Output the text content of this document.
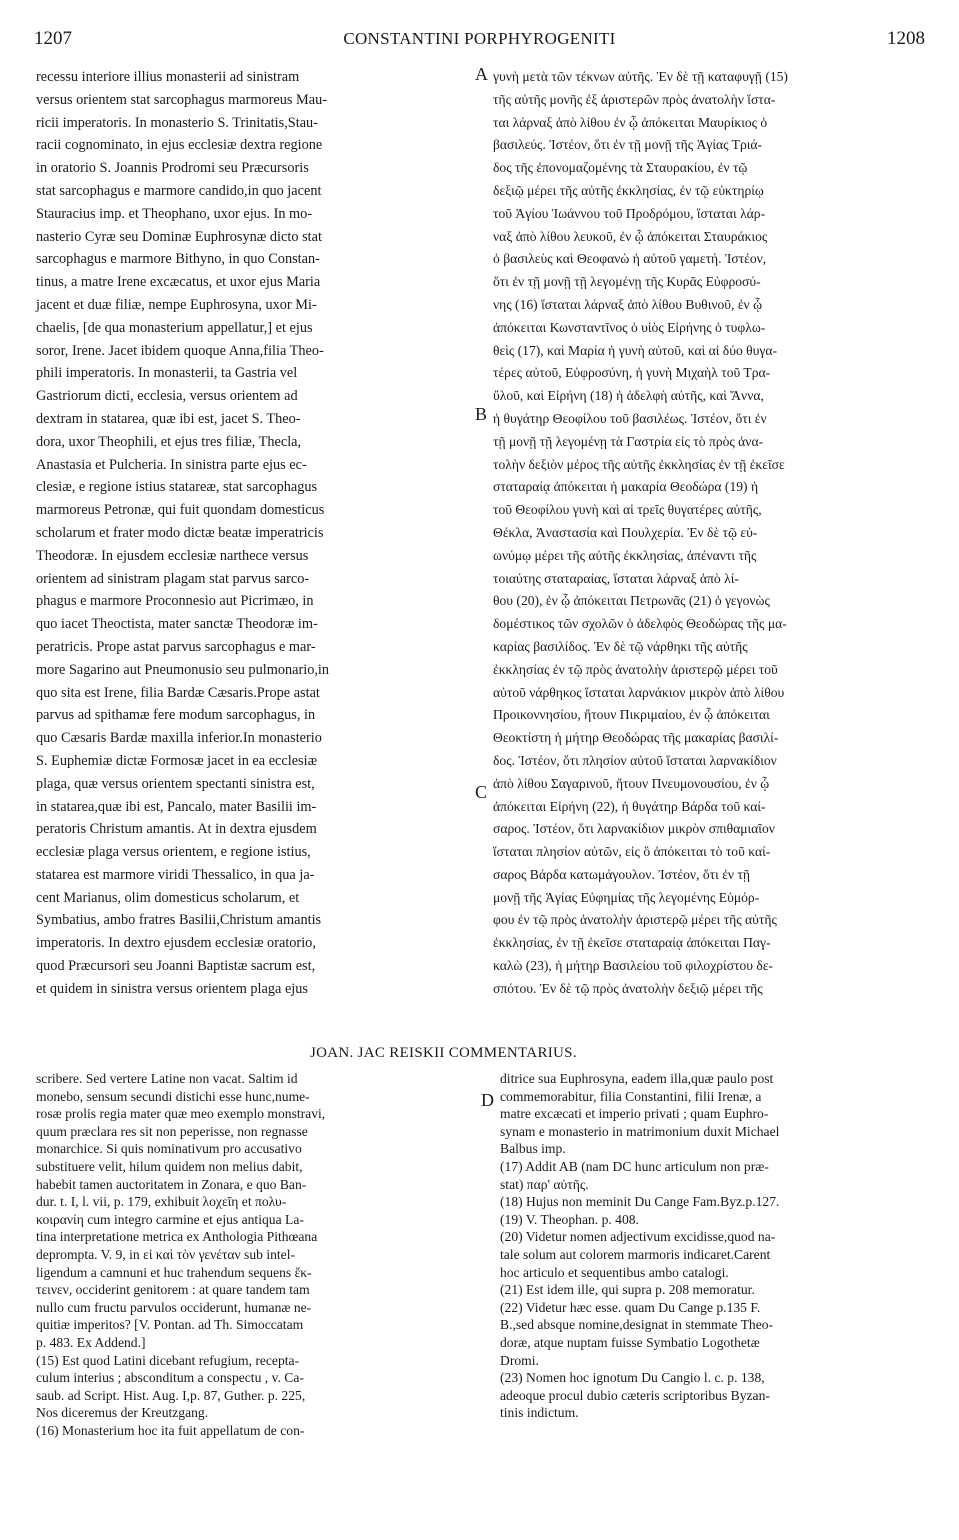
1207	CONSTANTINI PORPHYROGENITI	1208

recessu interiore illius monasterii ad sinistram

versus orientem stat sarcophagus marmoreus Mau-

ricii imperatoris. In monasterio S. Trinitatis,Stau-

racii cognominato, in ejus ecclesiæ dextra regione

in oratorio S. Joannis Prodromi seu Præcursoris

stat sarcophagus e marmore candido,in quo jacent

Stauracius imp. et Theophano, uxor ejus. In mo-

nasterio Cyræ seu Dominæ Euphrosynæ dicto stat

sarcophagus e marmore Bithyno, in quo Constan-

tinus, a matre Irene excæcatus, et uxor ejus Maria

jacent et duæ filiæ, nempe Euphrosyna, uxor Mi-

chaelis, [de qua monasterium appellatur,] et ejus

soror, Irene. Jacet ibidem quoque Anna,filia Theo-

phili imperatoris. In monasterii, ta Gastria vel

Gastriorum dicti, ecclesia, versus orientem ad

dextram in statarea, quæ ibi est, jacet S. Theo-

dora, uxor Theophili, et ejus tres filiæ, Thecla,

Anastasia et Pulcheria. In sinistra parte ejus ec-

clesiæ, e regione istius statareæ, stat sarcophagus

marmoreus Petronæ, qui fuit quondam domesticus

scholarum et frater modo dictæ beatæ imperatricis

Theodoræ. In ejusdem ecclesiæ narthece versus

orientem ad sinistram plagam stat parvus sarco-

phagus e marmore Proconnesio aut Picrimæo, in

quo iacet Theoctista, mater sanctæ Theodoræ im-

peratricis. Prope astat parvus sarcophagus e mar-

more Sagarino aut Pneumonusio seu pulmonario,in

quo sita est Irene, filia Bardæ Cæsaris.Prope astat

parvus ad spithamæ fere modum sarcophagus, in

quo Cæsaris Bardæ maxilla inferior.In monasterio

S. Euphemiæ dictæ Formosæ jacet in ea ecclesiæ

plaga, quæ versus orientem spectanti sinistra est,

in statarea,quæ ibi est, Pancalo, mater Basilii im-

peratoris Christum amantis. At in dextra ejusdem

ecclesiæ plaga versus orientem, e regione istius,

statarea est marmore viridi Thessalico, in qua ja-

cent Marianus, olim domesticus scholarum, et

Symbatius, ambo fratres Basilii,Christum amantis

imperatoris. In dextro ejusdem ecclesiæ oratorio,

quod Præcursori seu Joanni Baptistæ sacrum est,

et quidem in sinistra versus orientem plaga ejus

γυνὴ μετὰ τῶν τέκνων αὐτῆς. Ἐν δὲ τῇ καταφυγῇ (15)

τῆς αὐτῆς μονῆς ἐξ ἀριστερῶν πρὸς ἀνατολὴν ἵστα-

ται λάρναξ ἀπὸ λίθου ἐν ᾧ ἀπόκειται Μαυρίκιος ὁ

βασιλεύς. Ἰστέον, ὅτι ἐν τῇ μονῇ τῆς Ἁγίας Τριά-

δος τῆς ἐπονομαζομένης τὰ Σταυρακίου, ἐν τῷ

δεξιῷ μέρει τῆς αὐτῆς ἐκκλησίας, ἐν τῷ εὐκτηρίῳ

τοῦ Ἁγίου Ἰωάννου τοῦ Προδρόμου, ἵσταται λάρ-

ναξ ἀπὸ λίθου λευκοῦ, ἐν ᾧ ἀπόκειται Σταυράκιος

ὁ βασιλεὺς καὶ Θεοφανὼ ἡ αὐτοῦ γαμετή. Ἰστέον,

ὅτι ἐν τῇ μονῇ τῇ λεγομένῃ τῆς Κυρᾶς Εὐφροσύ-

νης (16) ἵσταται λάρναξ ἀπὸ λίθου Βυθινοῦ, ἐν ᾧ

ἀπόκειται Κωνσταντῖνος ὁ υἱὸς Εἰρήνης ὁ τυφλω-

θεὶς (17), καὶ Μαρία ἡ γυνὴ αὐτοῦ, καὶ αἱ δύο θυγα-

τέρες αὐτοῦ, Εὐφροσύνη, ἡ γυνὴ Μιχαὴλ τοῦ Τρα-

ὔλοῦ, καὶ Εἰρήνη (18) ἡ ἀδελφὴ αὐτῆς, καὶ Ἄννα,

ἡ θυγάτηρ Θεοφίλου τοῦ βασιλέως. Ἰστέον, ὅτι ἐν

τῇ μονῇ τῇ λεγομένῃ τὰ Γαστρία εἰς τὸ πρὸς ἀνα-

τολὴν δεξιὸν μέρος τῆς αὐτῆς ἐκκλησίας ἐν τῇ ἐκεῖσε

σταταραίᾳ ἀπόκειται ἡ μακαρία Θεοδώρα (19) ἡ

τοῦ Θεοφίλου γυνὴ καὶ αἱ τρεῖς θυγατέρες αὐτῆς,

Θέκλα, Ἀναστασία καὶ Πουλχερία. Ἐν δὲ τῷ εὐ-

ωνύμῳ μέρει τῆς αὐτῆς ἐκκλησίας, ἀπέναντι τῆς

τοιαύτης σταταραίας, ἵσταται λάρναξ ἀπὸ λί-

θου (20), ἐν ᾧ ἀπόκειται Πετρωνᾶς (21) ὁ γεγονὼς

δομέστικος τῶν σχολῶν ὁ ἀδελφὸς Θεοδώρας τῆς μα-

καρίας βασιλίδος. Ἐν δὲ τῷ νάρθηκι τῆς αὐτῆς

ἐκκλησίας ἐν τῷ πρὸς ἀνατολὴν ἀριστερῷ μέρει τοῦ

αὐτοῦ νάρθηκος ἵσταται λαρνάκιον μικρὸν ἀπὸ λίθου

Προικοννησίου, ἤτουν Πικριμαίου, ἐν ᾧ ἀπόκειται

Θεοκτίστη ἡ μήτηρ Θεοδώρας τῆς μακαρίας βασιλί-

δος. Ἰστέον, ὅτι πλησίον αὐτοῦ ἵσταται λαρνακίδιον

ἀπὸ λίθου Σαγαρινοῦ, ἤτουν Πνευμονουσίου, ἐν ᾧ

ἀπόκειται Εἰρήνη (22), ἡ θυγάτηρ Βάρδα τοῦ καί-

σαρος. Ἰστέον, ὅτι λαρνακίδιον μικρὸν σπιθαμιαῖον

ἵσταται πλησίον αὐτῶν, εἰς ὃ ἀπόκειται τὸ τοῦ καί-

σαρος Βάρδα κατωμάγουλον. Ἰστέον, ὅτι ἐν τῇ

μονῇ τῆς Ἁγίας Εὐφημίας τῆς λεγομένης Εὐμόρ-

φου ἐν τῷ πρὸς ἀνατολὴν ἀριστερῷ μέρει τῆς αὐτῆς

ἐκκλησίας, ἐν τῇ ἐκεῖσε σταταραίᾳ ἀπόκειται Παγ-

καλὼ (23), ἡ μήτηρ Βασιλείου τοῦ φιλοχρίστου δε-

σπότου. Ἐν δὲ τῷ πρὸς ἀνατολὴν δεξιῷ μέρει τῆς

A
B
C
D
JOAN. JAC REISKII COMMENTARIUS.

scribere. Sed vertere Latine non vacat. Saltim id

monebo, sensum secundi distichi esse hunc,nume-

rosæ prolis regia mater quæ meo exemplo monstravi,

quum præclara res sit non peperisse, non regnasse

monarchice. Si quis nominativum pro accusativo

substituere velit, hilum quidem non melius dabit,

habebit tamen auctoritatem in Zonara, e quo Ban-

dur. t. I, l. vii, p. 179, exhibuit λοχεῖη et πολυ-

κοιρανίη cum integro carmine et ejus antiqua La-

tina interpretatione metrica ex Anthologia Pithœana

deprompta. V. 9, in εἰ καὶ τὸν γενέταν sub intel-

ligendum a camnuni et huc trahendum sequens ἔκ-

τεινεν, occiderint genitorem : at quare tandem tam

nullo cum fructu parvulos occiderunt, humanæ ne-

quitiæ imperitos? [V. Pontan. ad Th. Simoccatam

p. 483. Ex Addend.]

(15) Est quod Latini dicebant refugium, recepta-

culum interius ; absconditum a conspectu , v. Ca-

saub. ad Script. Hist. Aug. I,p. 87, Guther. p. 225,

Nos diceremus der Kreutzgang.

(16) Monasterium hoc ita fuit appellatum de con-

ditrice sua Euphrosyna, eadem illa,quæ paulo post

commemorabitur, filia Constantini, filii Irenæ, a

matre excæcati et imperio privati ; quam Euphro-

synam e monasterio in matrimonium duxit Michael

Balbus imp.

(17) Addit AB (nam DC hunc articulum non præ-

stat) παρ' αὐτῆς.

(18) Hujus non meminit Du Cange Fam.Byz.p.127.

(19) V. Theophan. p. 408.

(20) Videtur nomen adjectivum excidisse,quod na-

tale solum aut colorem marmoris indicaret.Carent

hoc articulo et sequentibus ambo catalogi.

(21) Est idem ille, qui supra p. 208 memoratur.

(22) Videtur hæc esse. quam Du Cange p.135 F.

B.,sed absque nomine,designat in stemmate Theo-

doræ, atque nuptam fuisse Symbatio Logothetæ

Dromi.

(23) Nomen hoc ignotum Du Cangio l. c. p. 138,

adeoque procul dubio cæteris scriptoribus Byzan-

tinis indictum.
